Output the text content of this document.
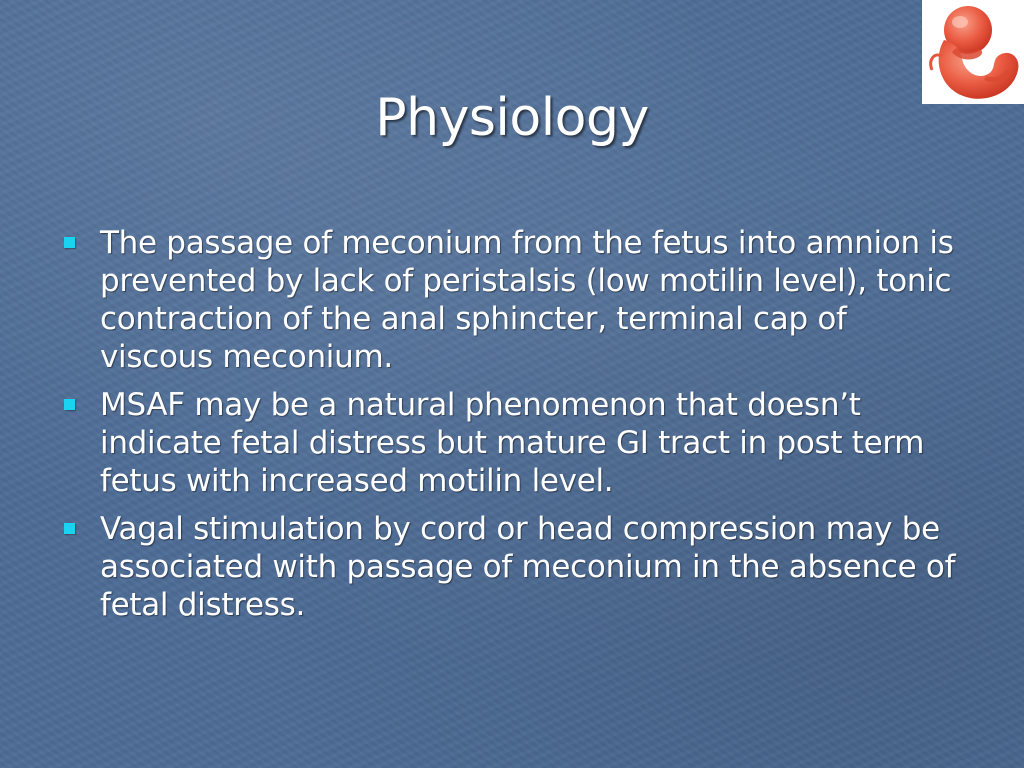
Physiology
The passage of meconium from the fetus into amnion is prevented by lack of peristalsis (low motilin level), tonic contraction of the anal sphincter, terminal cap of viscous meconium.
MSAF may be a natural phenomenon that doesn’t indicate fetal distress but mature GI tract in post term fetus with increased motilin level.
Vagal stimulation by cord or head compression may be associated with passage of meconium in the absence of fetal distress.
